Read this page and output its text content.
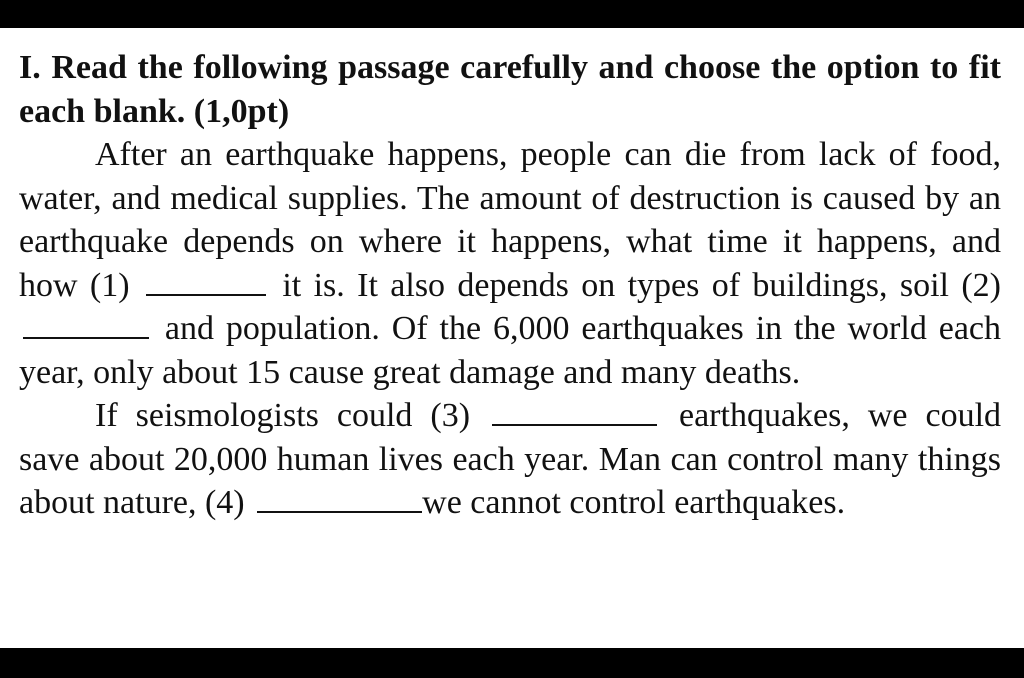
I. Read the following passage carefully and choose the option to fit each blank. (1,0pt)

After an earthquake happens, people can die from lack of food, water, and medical supplies. The amount of destruction is caused by an earthquake depends on where it happens, what time it happens, and how (1)	it is. It also depends on types of buildings, soil (2)  and population. Of the 6,000 earthquakes in the world each year, only about 15 cause great damage and many deaths.

If seismologists could (3)	earthquakes, we could save about 20,000 human lives each year. Man can control many things about nature, (4)	we cannot control earthquakes.
